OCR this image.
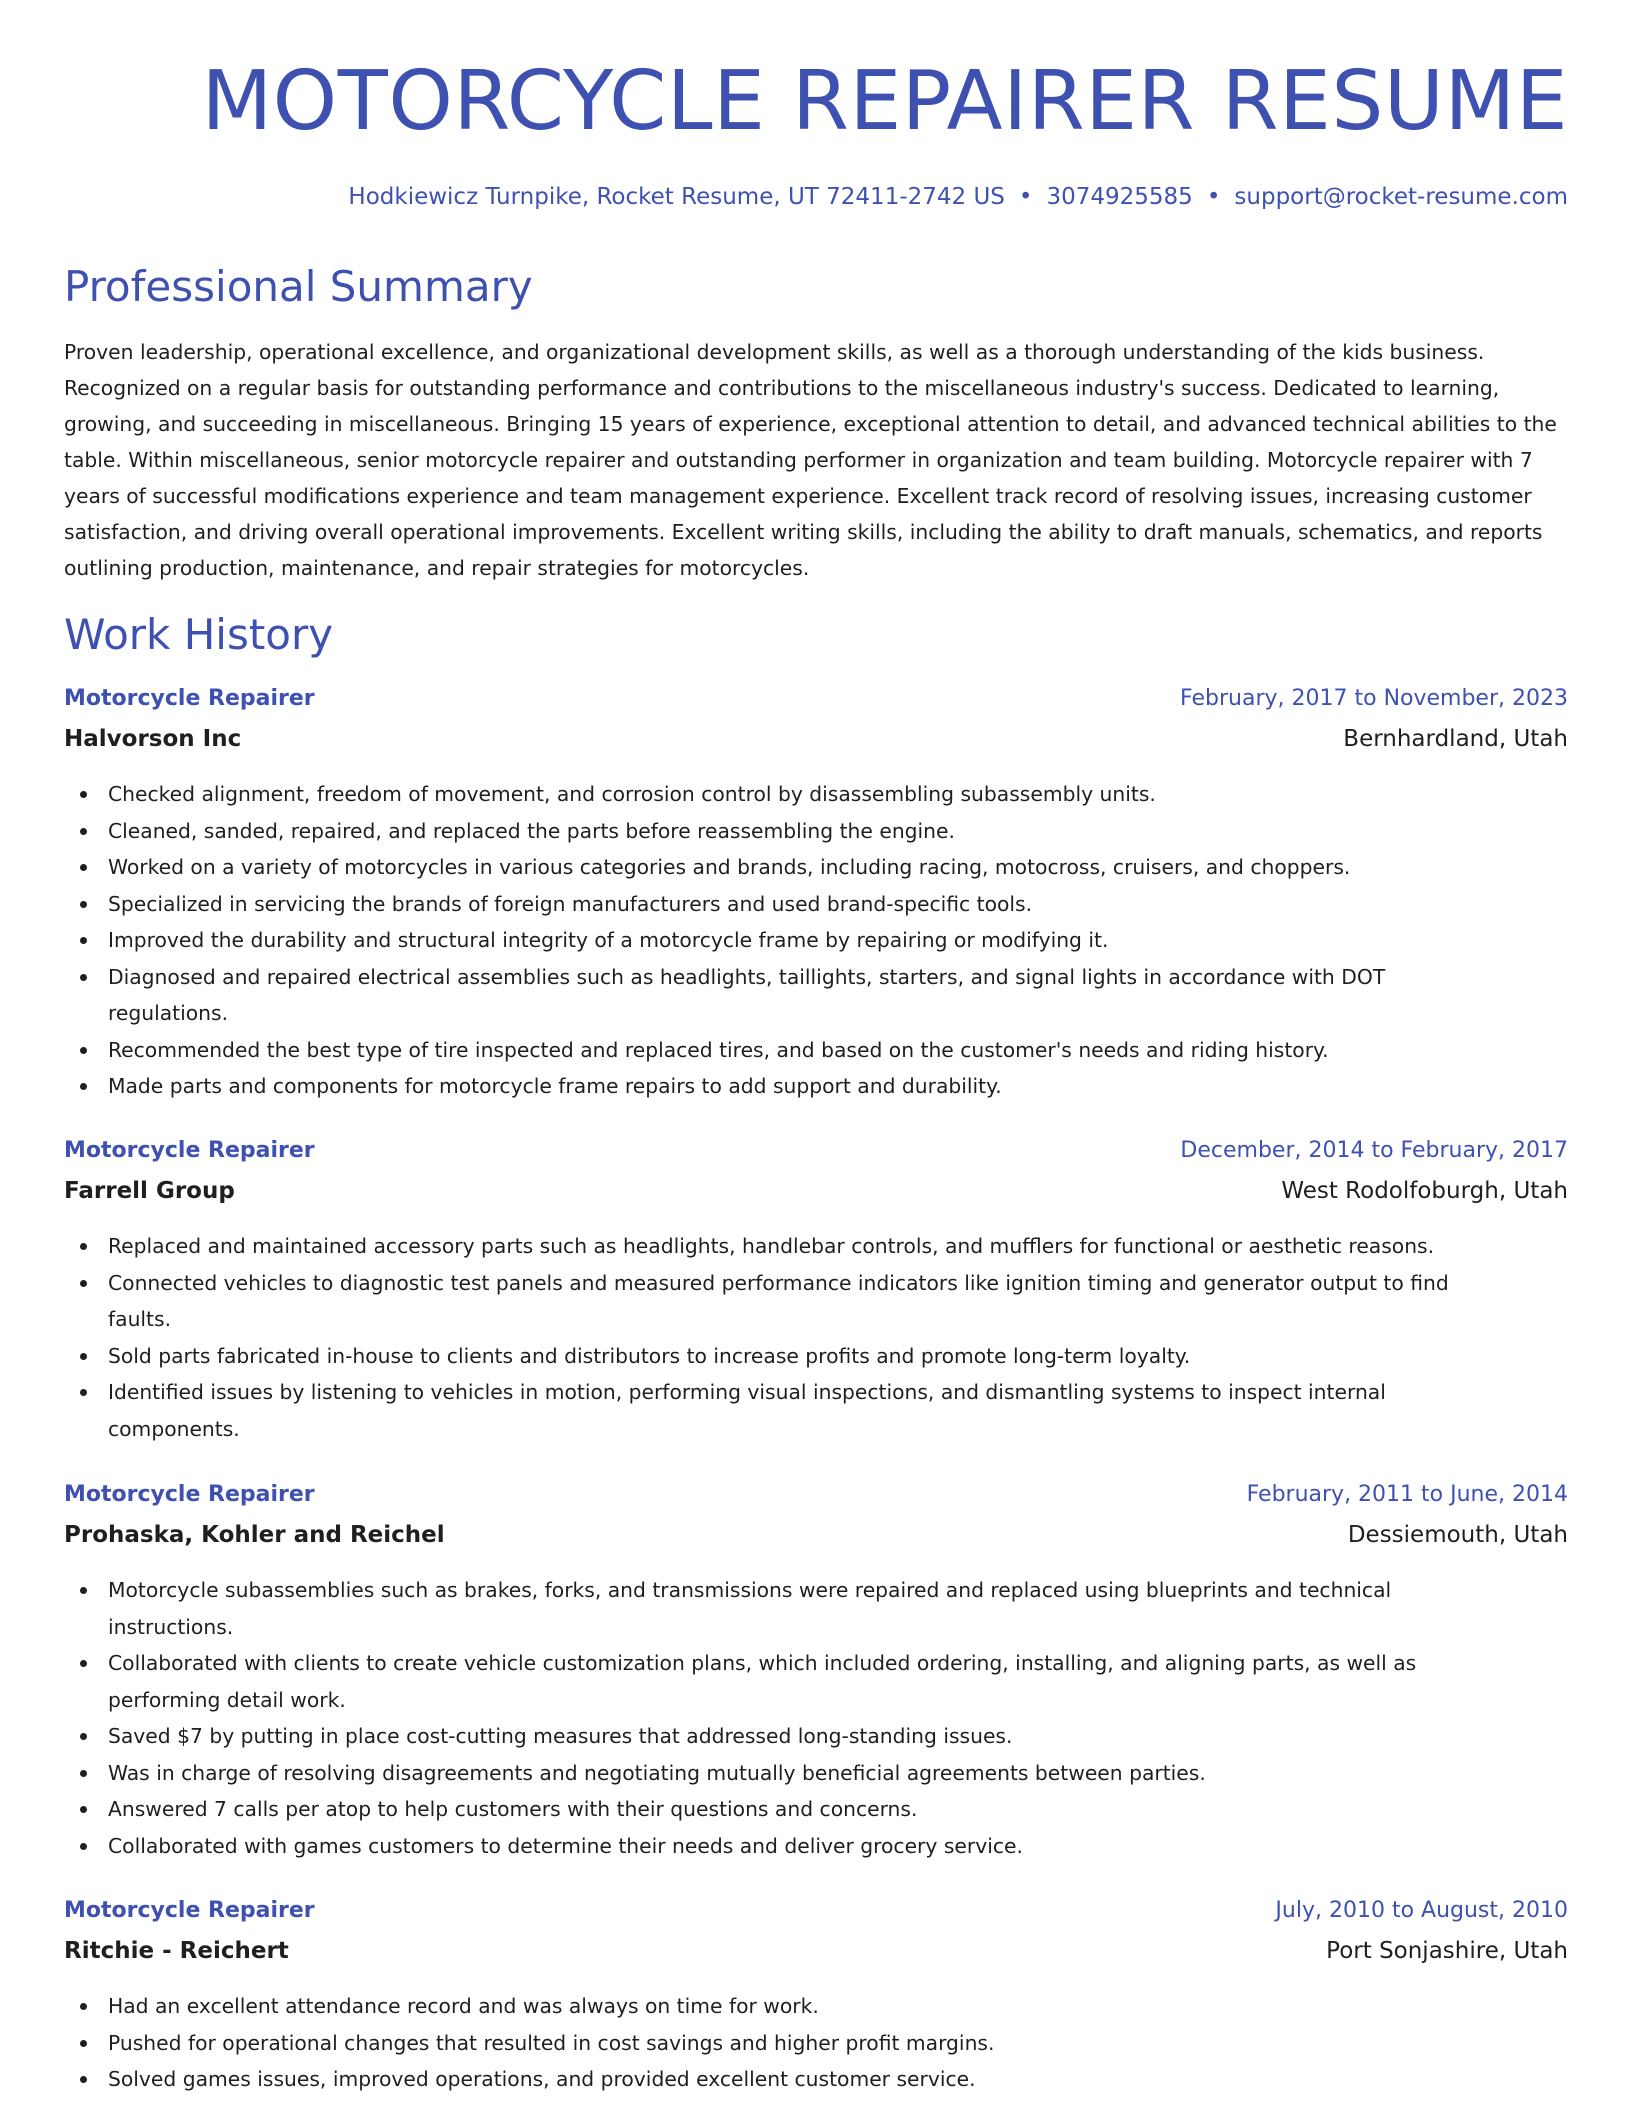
MOTORCYCLE REPAIRER RESUME
Hodkiewicz Turnpike, Rocket Resume, UT 72411-2742 US • 3074925585 • support@rocket-resume.com
Professional Summary

Proven leadership, operational excellence, and organizational development skills, as well as a thorough understanding of the kids business. Recognized on a regular basis for outstanding performance and contributions to the miscellaneous industry's success. Dedicated to learning, growing, and succeeding in miscellaneous. Bringing 15 years of experience, exceptional attention to detail, and advanced technical abilities to the table. Within miscellaneous, senior motorcycle repairer and outstanding performer in organization and team building. Motorcycle repairer with 7 years of successful modifications experience and team management experience. Excellent track record of resolving issues, increasing customer satisfaction, and driving overall operational improvements. Excellent writing skills, including the ability to draft manuals, schematics, and reports outlining production, maintenance, and repair strategies for motorcycles.

Work History
Motorcycle Repairer	February, 2017 to November, 2023
Halvorson Inc	Bernhardland, Utah
Checked alignment, freedom of movement, and corrosion control by disassembling subassembly units.
Cleaned, sanded, repaired, and replaced the parts before reassembling the engine.
Worked on a variety of motorcycles in various categories and brands, including racing, motocross, cruisers, and choppers.
Specialized in servicing the brands of foreign manufacturers and used brand-specific tools.
Improved the durability and structural integrity of a motorcycle frame by repairing or modifying it.
Diagnosed and repaired electrical assemblies such as headlights, taillights, starters, and signal lights in accordance with DOT regulations.
Recommended the best type of tire inspected and replaced tires, and based on the customer's needs and riding history.
Made parts and components for motorcycle frame repairs to add support and durability.
Motorcycle Repairer	December, 2014 to February, 2017
Farrell Group	West Rodolfoburgh, Utah
Replaced and maintained accessory parts such as headlights, handlebar controls, and mufflers for functional or aesthetic reasons.
Connected vehicles to diagnostic test panels and measured performance indicators like ignition timing and generator output to find faults.
Sold parts fabricated in-house to clients and distributors to increase profits and promote long-term loyalty.
Identified issues by listening to vehicles in motion, performing visual inspections, and dismantling systems to inspect internal components.
Motorcycle Repairer	February, 2011 to June, 2014
Prohaska, Kohler and Reichel	Dessiemouth, Utah
Motorcycle subassemblies such as brakes, forks, and transmissions were repaired and replaced using blueprints and technical instructions.
Collaborated with clients to create vehicle customization plans, which included ordering, installing, and aligning parts, as well as performing detail work.
Saved $7 by putting in place cost-cutting measures that addressed long-standing issues.
Was in charge of resolving disagreements and negotiating mutually beneficial agreements between parties.
Answered 7 calls per atop to help customers with their questions and concerns.
Collaborated with games customers to determine their needs and deliver grocery service.
Motorcycle Repairer	July, 2010 to August, 2010
Ritchie - Reichert	Port Sonjashire, Utah
Had an excellent attendance record and was always on time for work.
Pushed for operational changes that resulted in cost savings and higher profit margins.
Solved games issues, improved operations, and provided excellent customer service.
